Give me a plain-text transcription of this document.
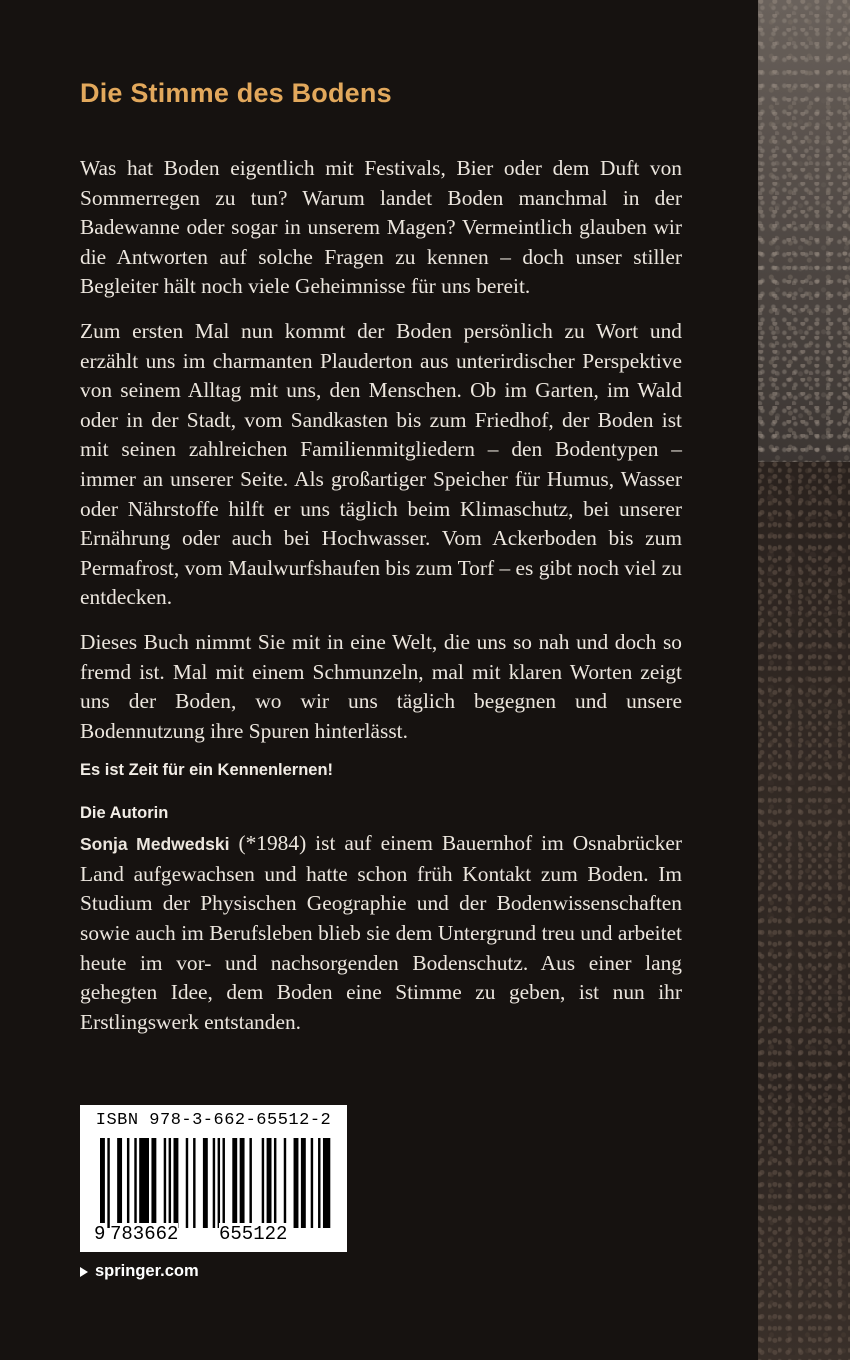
Die Stimme des Bodens

Was hat Boden eigentlich mit Festivals, Bier oder dem Duft von Sommerregen zu tun? Warum landet Boden manchmal in der Badewanne oder sogar in unserem Magen? Vermeintlich glauben wir die Antworten auf solche Fragen zu kennen – doch unser stiller Begleiter hält noch viele Geheimnisse für uns bereit.

Zum ersten Mal nun kommt der Boden persönlich zu Wort und erzählt uns im charmanten Plauderton aus unterirdischer Perspektive von seinem Alltag mit uns, den Menschen. Ob im Garten, im Wald oder in der Stadt, vom Sandkasten bis zum Friedhof, der Boden ist mit seinen zahlreichen Familienmitgliedern – den Bodentypen – immer an unserer Seite. Als großartiger Speicher für Humus, Wasser oder Nährstoffe hilft er uns täglich beim Klimaschutz, bei unserer Ernährung oder auch bei Hochwasser. Vom Ackerboden bis zum Permafrost, vom Maulwurfshaufen bis zum Torf – es gibt noch viel zu entdecken.

Dieses Buch nimmt Sie mit in eine Welt, die uns so nah und doch so fremd ist. Mal mit einem Schmunzeln, mal mit klaren Worten zeigt uns der Boden, wo wir uns täglich begegnen und unsere Bodennutzung ihre Spuren hinterlässt.

Es ist Zeit für ein Kennenlernen!
Die Autorin

Sonja Medwedski (*1984) ist auf einem Bauernhof im Osnabrücker Land aufgewachsen und hatte schon früh Kontakt zum Boden. Im Studium der Physischen Geographie und der Bodenwissenschaften sowie auch im Berufsleben blieb sie dem Untergrund treu und arbeitet heute im vor- und nachsorgenden Bodenschutz. Aus einer lang gehegten Idee, dem Boden eine Stimme zu geben, ist nun ihr Erstlingswerk entstanden.

ISBN 978-3-662-65512-2
9 783662 655122
springer.com
